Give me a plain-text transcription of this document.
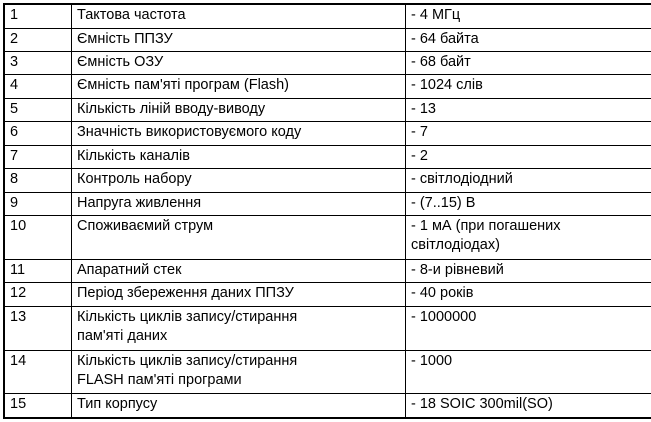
1	Тактова частота	- 4 МГц
2	Ємність ППЗУ	- 64 байта
3	Ємність ОЗУ	- 68 байт
4	Ємність пам'яті програм (Flash)	- 1024 слів
5	Кількість ліній вводу-виводу	- 13
6	Значність використовуємого коду	- 7
7	Кількість каналів	- 2
8	Контроль набору	- світлодіодний
9	Напруга живлення	- (7..15) В
10	Споживаємий струм	- 1 мА (при погашених
світлодіодах)

11	Апаратний стек	- 8-и рівневий
12	Період збереження даних ППЗУ	- 40 років
13	Кількість циклів запису/стирання
пам'яті даних	- 1000000
14	Кількість циклів запису/стирання
FLASH пам'яті програми	- 1000
15	Тип корпусу	- 18 SOIC 300mil(SO)
